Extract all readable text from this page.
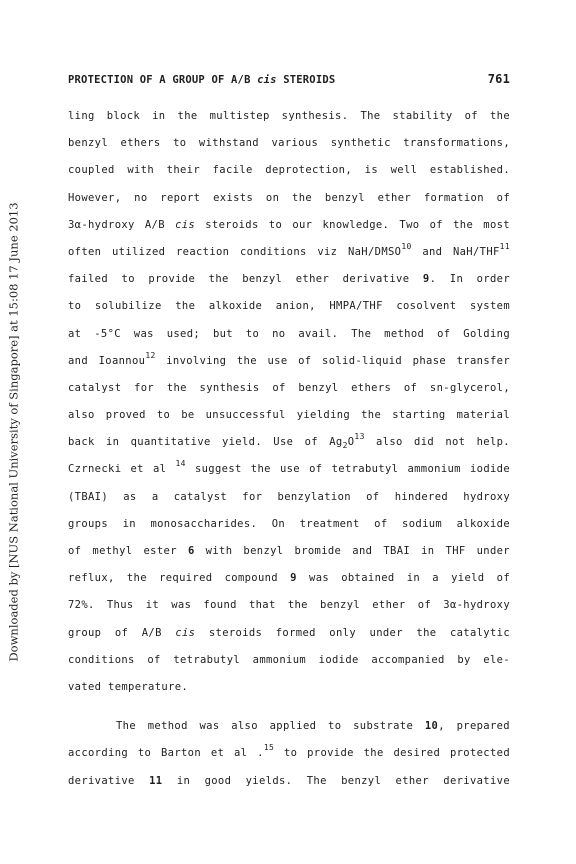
Downloaded by [NUS National University of Singapore] at 15:08 17 June 2013
PROTECTION OF A GROUP OF A/B cis STEROIDS	761
ling block in the multistep synthesis. The stability of the
benzyl ethers to withstand various synthetic transformations,
coupled with their facile deprotection, is well established.
However, no report exists on the benzyl ether formation of
3α-hydroxy A/B cis steroids to our knowledge. Two of the most
often utilized reaction conditions viz NaH/DMSO$^{10}$ and NaH/THF$^{11}$
failed to provide the benzyl ether derivative 9. In order
to solubilize the alkoxide anion, HMPA/THF cosolvent system
at -5°C was used; but to no avail. The method of Golding
and Ioannou$^{12}$ involving the use of solid-liquid phase transfer
catalyst for the synthesis of benzyl ethers of sn-glycerol,
also proved to be unsuccessful yielding the starting material
back in quantitative yield. Use of $Ag_2O^{13}$ also did not help.
Czrnecki et al $^{14}$ suggest the use of tetrabutyl ammonium iodide
(TBAI) as a catalyst for benzylation of hindered hydroxy
groups in monosaccharides. On treatment of sodium alkoxide
of methyl ester 6 with benzyl bromide and TBAI in THF under
reflux, the required compound 9 was obtained in a yield of
72%. Thus it was found that the benzyl ether of 3α-hydroxy
group of A/B cis steroids formed only under the catalytic
conditions of tetrabutyl ammonium iodide accompanied by ele-
vated temperature.
The method was also applied to substrate 10, prepared
according to Barton et al .$^{15}$ to provide the desired protected
derivative 11 in good yields. The benzyl ether derivative
